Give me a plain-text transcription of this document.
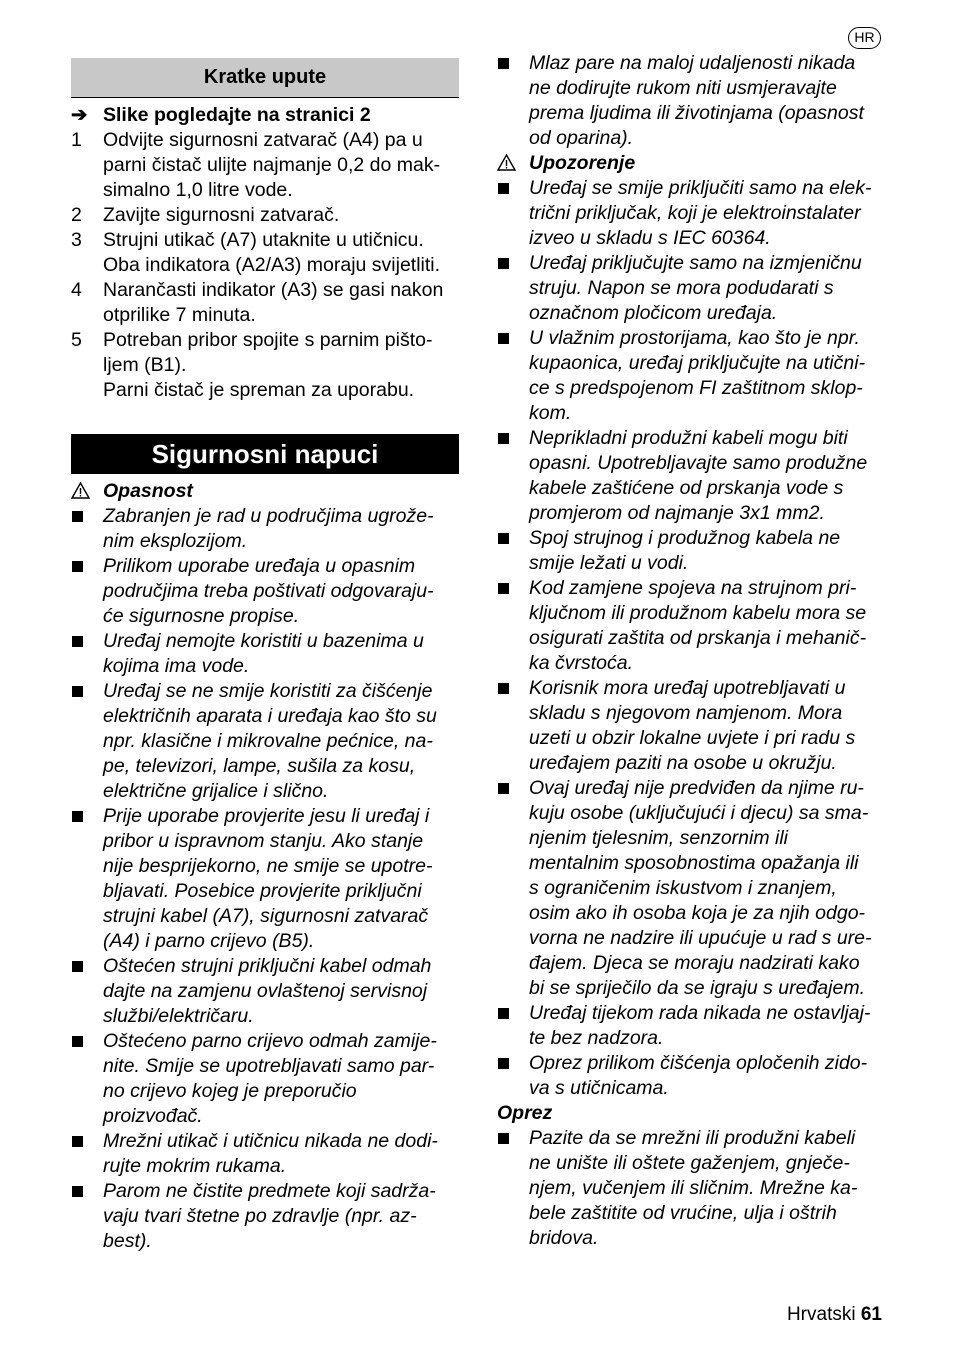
HR
Kratke upute
➔ Slike pogledajte na stranici 2
1 Odvijte sigurnosni zatvarač (A4) pa u
parni čistač ulijte najmanje 0,2 do mak-
simalno 1,0 litre vode.
2 Zavijte sigurnosni zatvarač.
3 Strujni utikač (A7) utaknite u utičnicu.
Oba indikatora (A2/A3) moraju svijetliti.
4 Narančasti indikator (A3) se gasi nakon
otprilike 7 minuta.
5 Potreban pribor spojite s parnim pišto-
ljem (B1).
Parni čistač je spreman za uporabu.
Sigurnosni napuci
Opasnost
Zabranjen je rad u područjima ugrože-
nim eksplozijom.
Prilikom uporabe uređaja u opasnim
područjima treba poštivati odgovaraju-
će sigurnosne propise.
Uređaj nemojte koristiti u bazenima u
kojima ima vode.
Uređaj se ne smije koristiti za čišćenje
električnih aparata i uređaja kao što su
npr. klasične i mikrovalne pećnice, na-
pe, televizori, lampe, sušila za kosu,
električne grijalice i slično.
Prije uporabe provjerite jesu li uređaj i
pribor u ispravnom stanju. Ako stanje
nije besprijekorno, ne smije se upotre-
bljavati. Posebice provjerite priključni
strujni kabel (A7), sigurnosni zatvarač
(A4) i parno crijevo (B5).
Oštećen strujni priključni kabel odmah
dajte na zamjenu ovlaštenoj servisnoj
službi/električaru.
Oštećeno parno crijevo odmah zamije-
nite. Smije se upotrebljavati samo par-
no crijevo kojeg je preporučio
proizvođač.
Mrežni utikač i utičnicu nikada ne dodi-
rujte mokrim rukama.
Parom ne čistite predmete koji sadrža-
vaju tvari štetne po zdravlje (npr. az-
best).
Mlaz pare na maloj udaljenosti nikada
ne dodirujte rukom niti usmjeravajte
prema ljudima ili životinjama (opasnost
od oparina).
Upozorenje
Uređaj se smije priključiti samo na elek-
trični priključak, koji je elektroinstalater
izveo u skladu s IEC 60364.
Uređaj priključujte samo na izmjeničnu
struju. Napon se mora podudarati s
označnom pločicom uređaja.
U vlažnim prostorijama, kao što je npr.
kupaonica, uređaj priključujte na utični-
ce s predspojenom FI zaštitnom sklop-
kom.
Neprikladni produžni kabeli mogu biti
opasni. Upotrebljavajte samo produžne
kabele zaštićene od prskanja vode s
promjerom od najmanje 3x1 mm2.
Spoj strujnog i produžnog kabela ne
smije ležati u vodi.
Kod zamjene spojeva na strujnom pri-
ključnom ili produžnom kabelu mora se
osigurati zaštita od prskanja i mehanič-
ka čvrstoća.
Korisnik mora uređaj upotrebljavati u
skladu s njegovom namjenom. Mora
uzeti u obzir lokalne uvjete i pri radu s
uređajem paziti na osobe u okružju.
Ovaj uređaj nije predviđen da njime ru-
kuju osobe (uključujući i djecu) sa sma-
njenim tjelesnim, senzornim ili
mentalnim sposobnostima opažanja ili
s ograničenim iskustvom i znanjem,
osim ako ih osoba koja je za njih odgo-
vorna ne nadzire ili upućuje u rad s ure-
đajem. Djeca se moraju nadzirati kako
bi se spriječilo da se igraju s uređajem.
Uređaj tijekom rada nikada ne ostavljaj-
te bez nadzora.
Oprez prilikom čišćenja opločenih zido-
va s utičnicama.
Oprez
Pazite da se mrežni ili produžni kabeli
ne unište ili oštete gaženjem, gnječe-
njem, vučenjem ili sličnim. Mrežne ka-
bele zaštitite od vrućine, ulja i oštrih
bridova.
Hrvatski 61
